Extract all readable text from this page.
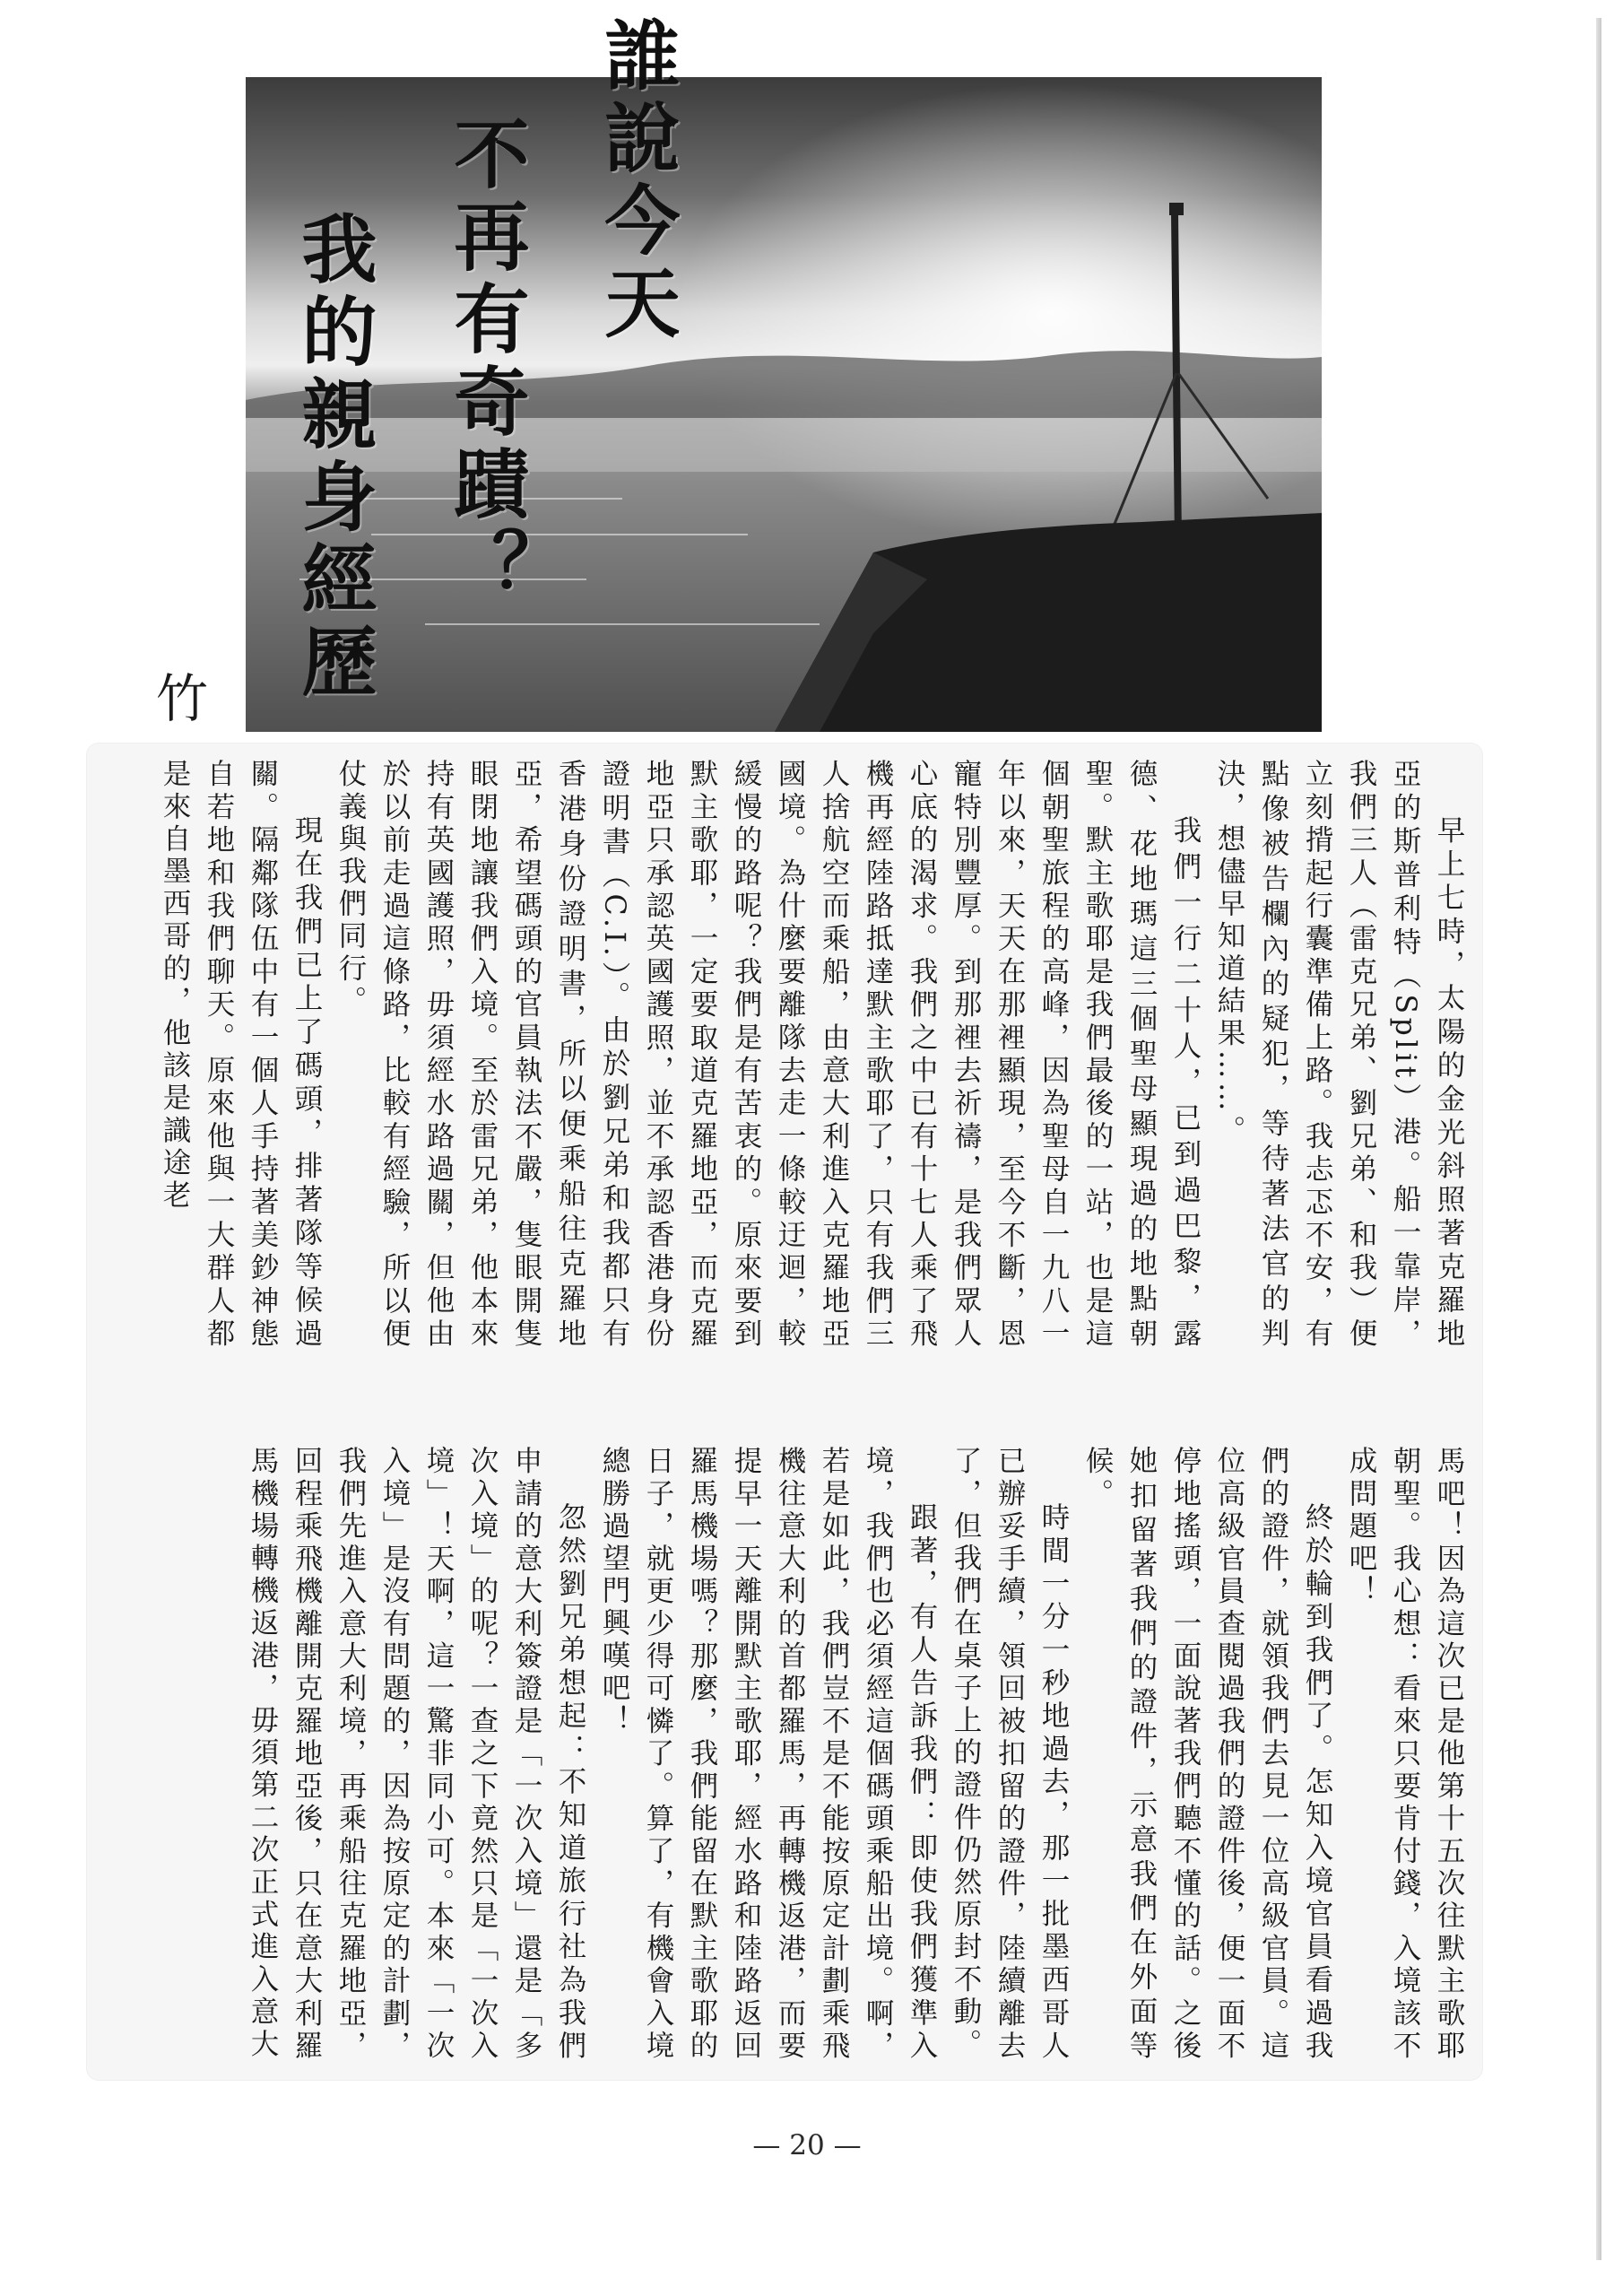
誰說今天
不再有奇蹟？
我的親身經歷
竹

早上七時，太陽的金光斜照著克羅地亞的斯普利特（Split）港。船一靠岸，我們三人（雷克兄弟、劉兄弟、和我）便立刻揹起行囊準備上路。我忐忑不安，有點像被告欄內的疑犯，等待著法官的判決，想儘早知道結果……。

我們一行二十人，已到過巴黎，露德、花地瑪這三個聖母顯現過的地點朝聖。默主歌耶是我們最後的一站，也是這個朝聖旅程的高峰，因為聖母自一九八一年以來，天天在那裡顯現，至今不斷，恩寵特別豐厚。到那裡去祈禱，是我們眾人心底的渴求。我們之中已有十七人乘了飛機再經陸路抵達默主歌耶了，只有我們三人捨航空而乘船，由意大利進入克羅地亞國境。為什麼要離隊去走一條較迂迴，較緩慢的路呢？我們是有苦衷的。原來要到默主歌耶，一定要取道克羅地亞，而克羅地亞只承認英國護照，並不承認香港身份證明書（C.I.）。由於劉兄弟和我都只有香港身份證明書，所以便乘船往克羅地亞，希望碼頭的官員執法不嚴，隻眼開隻眼閉地讓我們入境。至於雷兄弟，他本來持有英國護照，毋須經水路過關，但他由於以前走過這條路，比較有經驗，所以便仗義與我們同行。

現在我們已上了碼頭，排著隊等候過關。隔鄰隊伍中有一個人手持著美鈔神態自若地和我們聊天。原來他與一大群人都是來自墨西哥的，他該是識途老

馬吧！因為這次已是他第十五次往默主歌耶朝聖。我心想：看來只要肯付錢，入境該不成問題吧！

終於輪到我們了。怎知入境官員看過我們的證件，就領我們去見一位高級官員。這位高級官員查閱過我們的證件後，便一面不停地搖頭，一面說著我們聽不懂的話。之後她扣留著我們的證件，示意我們在外面等候。

時間一分一秒地過去，那一批墨西哥人已辦妥手續，領回被扣留的證件，陸續離去了，但我們在桌子上的證件仍然原封不動。

跟著，有人告訴我們：即使我們獲準入境，我們也必須經這個碼頭乘船出境。啊，若是如此，我們豈不是不能按原定計劃乘飛機往意大利的首都羅馬，再轉機返港，而要提早一天離開默主歌耶，經水路和陸路返回羅馬機場嗎？那麼，我們能留在默主歌耶的日子，就更少得可憐了。算了，有機會入境總勝過望門興嘆吧！

忽然劉兄弟想起：不知道旅行社為我們申請的意大利簽證是「一次入境」還是「多次入境」的呢？一查之下竟然只是「一次入境」！天啊，這一驚非同小可。本來「一次入境」是沒有問題的，因為按原定的計劃，我們先進入意大利境，再乘船往克羅地亞，回程乘飛機離開克羅地亞後，只在意大利羅馬機場轉機返港，毋須第二次正式進入意大

— 20 —
